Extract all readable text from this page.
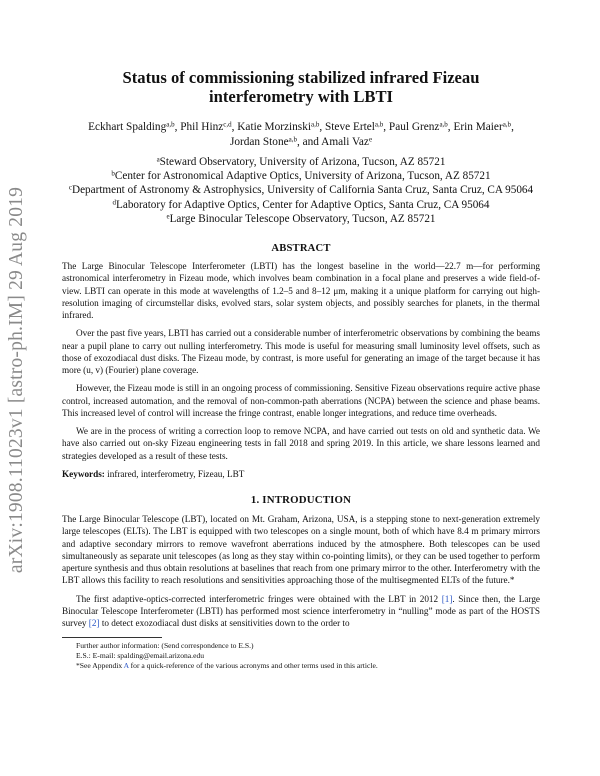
arXiv:1908.11023v1 [astro-ph.IM] 29 Aug 2019
Status of commissioning stabilized infrared Fizeau interferometry with LBTI
Eckhart Spalding$^{a,b}$, Phil Hinz$^{c,d}$, Katie Morzinski$^{a,b}$, Steve Ertel$^{a,b}$, Paul Grenz$^{a,b}$, Erin Maier$^{a,b}$, Jordan Stone$^{a,b}$, and Amali Vaz$^e$
$^a$Steward Observatory, University of Arizona, Tucson, AZ 85721
$^b$Center for Astronomical Adaptive Optics, University of Arizona, Tucson, AZ 85721
$^c$Department of Astronomy & Astrophysics, University of California Santa Cruz, Santa Cruz, CA 95064
$^d$Laboratory for Adaptive Optics, Center for Adaptive Optics, Santa Cruz, CA 95064
$^e$Large Binocular Telescope Observatory, Tucson, AZ 85721
ABSTRACT

The Large Binocular Telescope Interferometer (LBTI) has the longest baseline in the world—22.7 m—for performing astronomical interferometry in Fizeau mode, which involves beam combination in a focal plane and preserves a wide field-of-view. LBTI can operate in this mode at wavelengths of 1.2–5 and 8–12 μm, making it a unique platform for carrying out high-resolution imaging of circumstellar disks, evolved stars, solar system objects, and possibly searches for planets, in the thermal infrared.

Over the past five years, LBTI has carried out a considerable number of interferometric observations by combining the beams near a pupil plane to carry out nulling interferometry. This mode is useful for measuring small luminosity level offsets, such as those of exozodiacal dust disks. The Fizeau mode, by contrast, is more useful for generating an image of the target because it has more (u, v) (Fourier) plane coverage.

However, the Fizeau mode is still in an ongoing process of commissioning. Sensitive Fizeau observations require active phase control, increased automation, and the removal of non-common-path aberrations (NCPA) between the science and phase beams. This increased level of control will increase the fringe contrast, enable longer integrations, and reduce time overheads.

We are in the process of writing a correction loop to remove NCPA, and have carried out tests on old and synthetic data. We have also carried out on-sky Fizeau engineering tests in fall 2018 and spring 2019. In this article, we share lessons learned and strategies developed as a result of these tests.

Keywords: infrared, interferometry, Fizeau, LBT
1. INTRODUCTION

The Large Binocular Telescope (LBT), located on Mt. Graham, Arizona, USA, is a stepping stone to next-generation extremely large telescopes (ELTs). The LBT is equipped with two telescopes on a single mount, both of which have 8.4 m primary mirrors and adaptive secondary mirrors to remove wavefront aberrations induced by the atmosphere. Both telescopes can be used simultaneously as separate unit telescopes (as long as they stay within co-pointing limits), or they can be used together to perform aperture synthesis and thus obtain resolutions at baselines that reach from one primary mirror to the other. Interferometry with the LBT allows this facility to reach resolutions and sensitivities approaching those of the multisegmented ELTs of the future.*

The first adaptive-optics-corrected interferometric fringes were obtained with the LBT in 2012 [1]. Since then, the Large Binocular Telescope Interferometer (LBTI) has performed most science interferometry in “nulling” mode as part of the HOSTS survey [2] to detect exozodiacal dust disks at sensitivities down to the order to

Further author information: (Send correspondence to E.S.)
E.S.: E-mail: spalding@email.arizona.edu
*See Appendix A for a quick-reference of the various acronyms and other terms used in this article.
